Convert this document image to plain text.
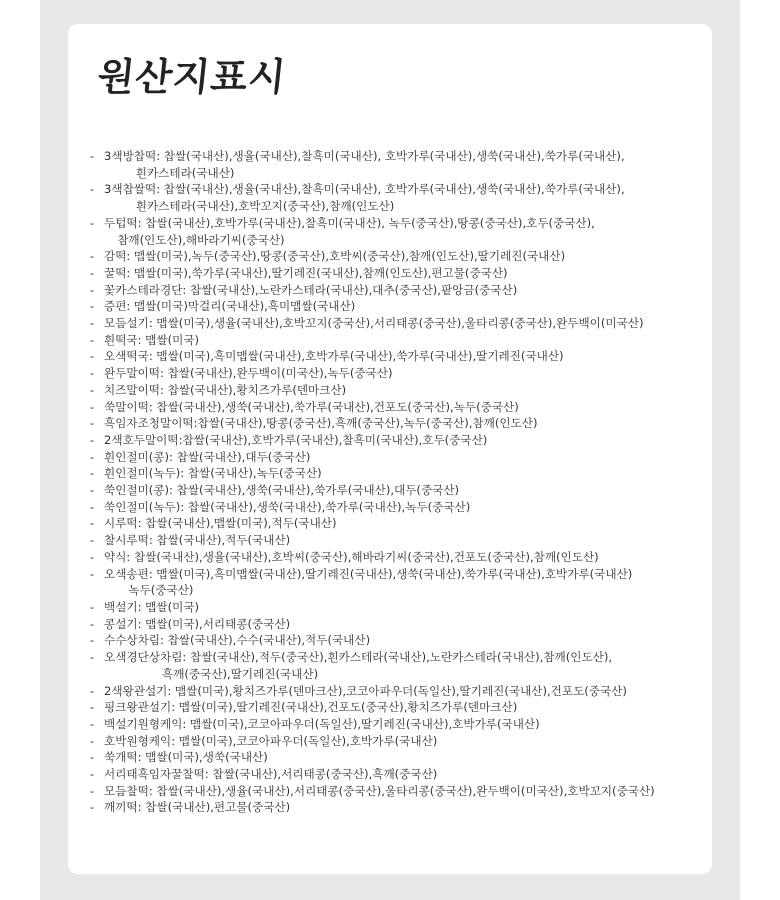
원산지표시
- 3색방찹떡: 찹쌀(국내산),생율(국내산),찰흑미(국내산), 호박가루(국내산),생쑥(국내산),쑥가루(국내산),
흰카스테라(국내산)
- 3색찹쌀떡: 찹쌀(국내산),생율(국내산),찰흑미(국내산), 호박가루(국내산),생쑥(국내산),쑥가루(국내산),
흰카스테라(국내산),호박꼬지(중국산),참깨(인도산)
- 두텁떡: 찹쌀(국내산),호박가루(국내산),찰흑미(국내산), 녹두(중국산),땅콩(중국산),호두(중국산),
참깨(인도산),해바라기씨(중국산)
- 감떡: 맵쌀(미국),녹두(중국산),땅콩(중국산),호박씨(중국산),참깨(인도산),딸기레진(국내산)
- 꿀떡: 맵쌀(미국),쑥가루(국내산),딸기레진(국내산),참깨(인도산),편고물(중국산)
- 꽃카스테라경단: 찹쌀(국내산),노란카스테라(국내산),대추(중국산),팥앙금(중국산)
- 증편: 맵쌀(미국)막걸리(국내산),흑미맵쌀(국내산)
- 모듬설기: 맵쌀(미국),생율(국내산),호박꼬지(중국산),서리태콩(중국산),울타리콩(중국산),완두백이(미국산)
- 흰떡국: 맵쌀(미국)
- 오색떡국: 맵쌀(미국),흑미맵쌀(국내산),호박가루(국내산),쑥가루(국내산),딸기레진(국내산)
- 완두말이떡: 찹쌀(국내산),완두백이(미국산),녹두(중국산)
- 치즈말이떡: 찹쌀(국내산),황치즈가루(덴마크산)
- 쑥말이떡: 찹쌀(국내산),생쑥(국내산),쑥가루(국내산),건포도(중국산),녹두(중국산)
- 흑임자조청말이떡:찹쌀(국내산),땅콩(중국산),흑깨(중국산),녹두(중국산),참깨(인도산)
- 2색호두말이떡:찹쌀(국내산),호박가루(국내산),찰흑미(국내산),호두(중국산)
- 흰인절미(콩): 찹쌀(국내산),대두(중국산)
- 흰인절미(녹두): 찹쌀(국내산),녹두(중국산)
- 쑥인절미(콩): 찹쌀(국내산),생쑥(국내산),쑥가루(국내산),대두(중국산)
- 쑥인절미(녹두): 찹쌀(국내산),생쑥(국내산),쑥가루(국내산),녹두(중국산)
- 시루떡: 찹쌀(국내산),맵쌀(미국),적두(국내산)
- 찰시루떡: 찹쌀(국내산),적두(국내산)
- 약식: 찹쌀(국내산),생율(국내산),호박씨(중국산),해바라기씨(중국산),건포도(중국산),참깨(인도산)
- 오색송편: 맵쌀(미국),흑미맵쌀(국내산),딸기레진(국내산),생쑥(국내산),쑥가루(국내산),호박가루(국내산)
녹두(중국산)
- 백설기: 맵쌀(미국)
- 콩설기: 맵쌀(미국),서리태콩(중국산)
- 수수상차림: 찹쌀(국내산),수수(국내산),적두(국내산)
- 오색경단상차림: 찹쌀(국내산),적두(중국산),흰카스테라(국내산),노란카스테라(국내산),참깨(인도산),
흑깨(중국산),딸기레진(국내산)
- 2색왕관설기: 맵쌀(미국),황치즈가루(덴마크산),코코아파우더(독일산),딸기레진(국내산),건포도(중국산)
- 핑크왕관설기: 맵쌀(미국),딸기레진(국내산),건포도(중국산),황치즈가루(덴마크산)
- 백설기원형케익: 맵쌀(미국),코코아파우더(독일산),딸기레진(국내산),호박가루(국내산)
- 호박원형케익: 맵쌀(미국),코코아파우더(독일산),호박가루(국내산)
- 쑥개떡: 맵쌀(미국),생쑥(국내산)
- 서리태흑임자꿀찰떡: 찹쌀(국내산),서리태콩(중국산),흑깨(중국산)
- 모듬찰떡: 찹쌀(국내산),생율(국내산),서리태콩(중국산),울타리콩(중국산),완두백이(미국산),호박꼬지(중국산)
- 깨끼떡: 찹쌀(국내산),편고물(중국산)
